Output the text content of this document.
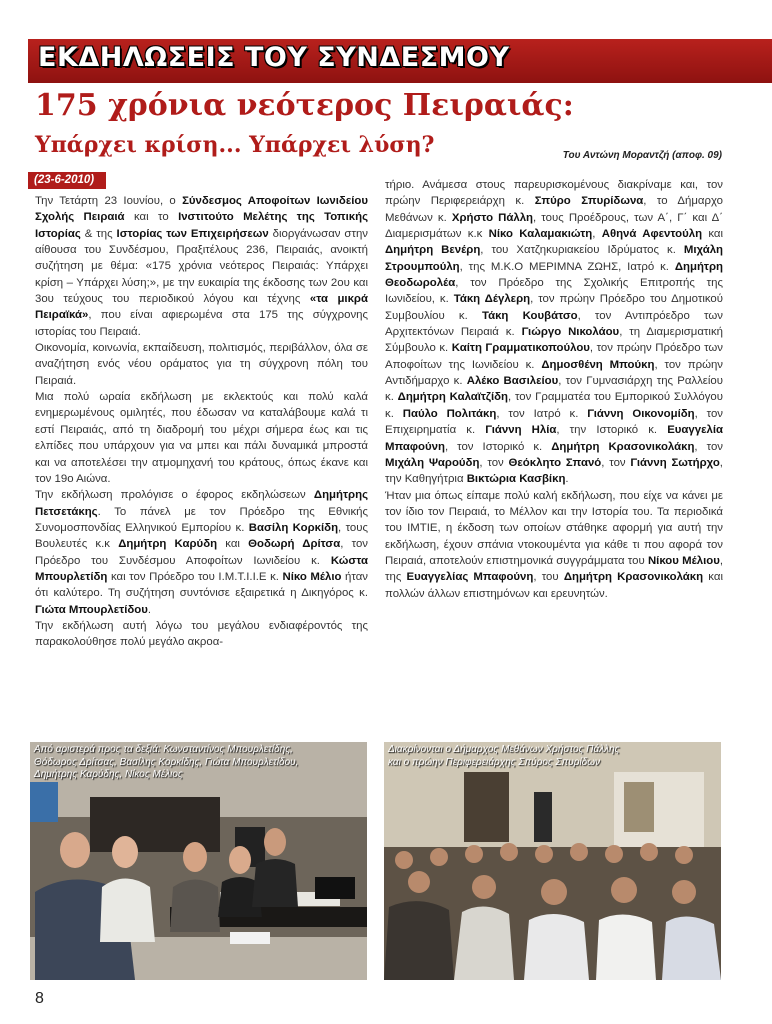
ΕΚΔΗΛΩΣΕΙΣ ΤΟΥ ΣΥΝΔΕΣΜΟΥ
175 χρόνια νεότερος Πειραιάς:
Υπάρχει κρίση... Υπάρχει λύση?	Του Αντώνη Μοραντζή (αποφ. 09)
(23-6-2010)

Την Τετάρτη 23 Ιουνίου, ο Σύνδεσμος Αποφοίτων Ιωνιδείου Σχολής Πειραιά και το Ινστιτούτο Μελέτης της Τοπικής Ιστορίας & της Ιστορίας των Επιχειρήσεων διοργάνωσαν στην αίθουσα του Συνδέσμου, Πραξιτέλους 236, Πειραιάς, ανοικτή συζήτηση με θέμα: «175 χρόνια νεότερος Πειραιάς: Υπάρχει κρίση – Υπάρχει λύση;», με την ευκαιρία της έκδοσης των 2ου και 3ου τεύχους του περιοδικού λόγου και τέχνης «τα μικρά Πειραϊκά», που είναι αφιερωμένα στα 175 της σύγχρονης ιστορίας του Πειραιά.

Οικονομία, κοινωνία, εκπαίδευση, πολιτισμός, περιβάλλον, όλα σε αναζήτηση ενός νέου οράματος για τη σύγχρονη πόλη του Πειραιά.

Μια πολύ ωραία εκδήλωση με εκλεκτούς και πολύ καλά ενημερωμένους ομιλητές, που έδωσαν να καταλάβουμε καλά τι εστί Πειραιάς, από τη διαδρομή του μέχρι σήμερα έως και τις ελπίδες που υπάρχουν για να μπει και πάλι δυναμικά μπροστά και να αποτελέσει την ατμομηχανή του κράτους, όπως έκανε και τον 19ο Αιώνα.

Την εκδήλωση προλόγισε ο έφορος εκδηλώσεων Δημήτρης Πετσετάκης. Το πάνελ με τον Πρόεδρο της Εθνικής Συνομοσπονδίας Ελληνικού Εμπορίου κ. Βασίλη Κορκίδη, τους Βουλευτές κ.κ Δημήτρη Καρύδη και Θοδωρή Δρίτσα, τον Πρόεδρο του Συνδέσμου Αποφοίτων Ιωνιδείου κ. Κώστα Μπουρλετίδη και τον Πρόεδρο του Ι.Μ.Τ.Ι.Ι.Ε κ. Νίκο Μέλιο ήταν ότι καλύτερο. Τη συζήτηση συντόνισε εξαιρετικά η Δικηγόρος κ. Γιώτα Μπουρλετίδου.

Την εκδήλωση αυτή λόγω του μεγάλου ενδιαφέροντός της παρακολούθησε πολύ μεγάλο ακροα-

τήριο. Ανάμεσα στους παρευρισκομένους διακρίναμε και, τον πρώην Περιφερειάρχη κ. Σπύρο Σπυρίδωνα, το Δήμαρχο Μεθάνων κ. Χρήστο Πάλλη, τους Προέδρους, των Α΄, Γ΄ και Δ΄ Διαμερισμάτων κ.κ Νίκο Καλαμακιώτη, Αθηνά Αφεντούλη και Δημήτρη Βενέρη, του Χατζηκυριακείου Ιδρύματος κ. Μιχάλη Στρουμπούλη, της Μ.Κ.Ο ΜΕΡΙΜΝΑ ΖΩΗΣ, Ιατρό κ. Δημήτρη Θεοδωρολέα, τον Πρόεδρο της Σχολικής Επιτροπής της Ιωνιδείου, κ. Τάκη Δέγλερη, τον πρώην Πρόεδρο του Δημοτικού Συμβουλίου κ. Τάκη Κουβάτσο, τον Αντιπρόεδρο των Αρχιτεκτόνων Πειραιά κ. Γιώργο Νικολάου, τη Διαμερισματική Σύμβουλο κ. Καίτη Γραμματικοπούλου, τον πρώην Πρόεδρο των Αποφοίτων της Ιωνιδείου κ. Δημοσθένη Μπούκη, τον πρώην Αντιδήμαρχο κ. Αλέκο Βασιλείου, τον Γυμνασιάρχη της Ραλλείου κ. Δημήτρη Καλαϊτζίδη, τον Γραμματέα του Εμπορικού Συλλόγου κ. Παύλο Πολιτάκη, τον Ιατρό κ. Γιάννη Οικονομίδη, τον Επιχειρηματία κ. Γιάννη Ηλία, την Ιστορικό κ. Ευαγγελία Μπαφούνη, τον Ιστορικό κ. Δημήτρη Κρασονικολάκη, τον Μιχάλη Ψαρούδη, τον Θεόκλητο Σπανό, τον Γιάννη Σωτήρχο, την Καθηγήτρια Βικτώρια Κασβίκη.

Ήταν μια όπως είπαμε πολύ καλή εκδήλωση, που είχε να κάνει με τον ίδιο τον Πειραιά, το Μέλλον και την Ιστορία του. Τα περιοδικά του ΙΜΤΙΕ, η έκδοση των οποίων στάθηκε αφορμή για αυτή την εκδήλωση, έχουν σπάνια ντοκουμέντα για κάθε τι που αφορά τον Πειραιά, αποτελούν επιστημονικά συγγράμματα του Νίκου Μέλιου, της Ευαγγελίας Μπαφούνη, του Δημήτρη Κρασονικολάκη και πολλών άλλων επιστημόνων και ερευνητών.

Από αριστερά προς τα δεξιά: Κωνσταντίνος Μπουρλετίδης,
Θόδωρος Δρίτσας, Βασίλης Κορκίδης, Γιώτα Μπουρλετίδου,
Δημήτρης Καρύδης, Νίκος Μέλιος
Διακρίνονται ο Δήμαρχος Μεθάνων Χρήστος Πάλλης
και ο πρώην Περιφερειάρχης Σπύρος Σπυρίδων
8
